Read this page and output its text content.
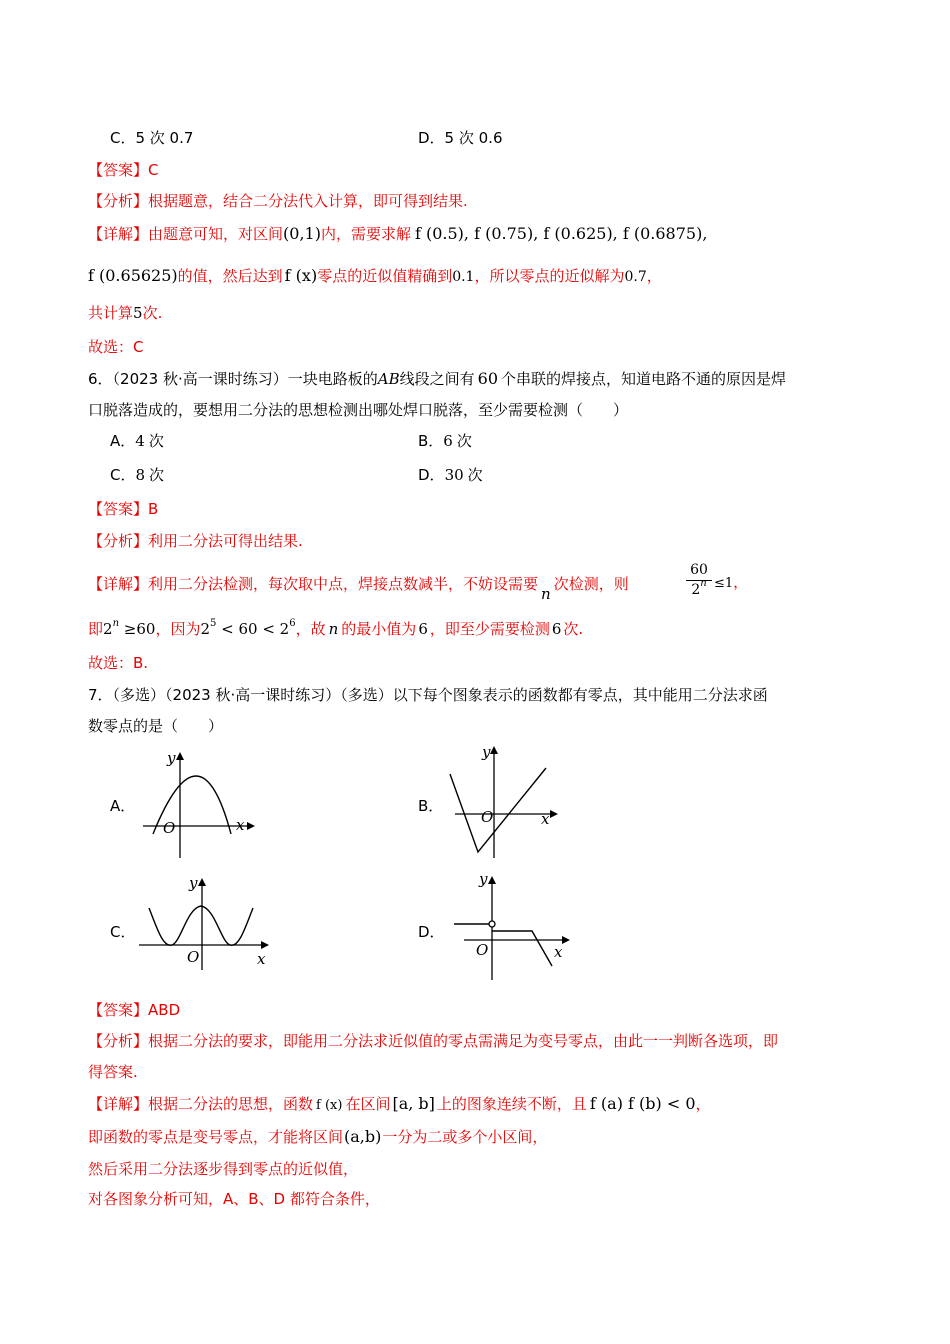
C．5 次 0.7	D．5 次 0.6
【答案】C
【分析】根据题意，结合二分法代入计算，即可得到结果.
【详解】由题意可知，对区间(0,1)内，需要求解 f (0.5), f (0.75), f (0.625), f (0.6875),
f (0.65625)的值，然后达到 f (x)零点的近似值精确到0.1，所以零点的近似解为0.7，
共计算5次.
故选：C
6．（2023 秋·高一课时练习）一块电路板的AB线段之间有 60 个串联的焊接点，知道电路不通的原因是焊
口脱落造成的，要想用二分法的思想检测出哪处焊口脱落，至少需要检测（　　）
A．4 次	B．6 次
C．8 次	D．30 次
【答案】B
【分析】利用二分法可得出结果.
【详解】利用二分法检测，每次取中点，焊接点数减半，不妨设需要n次检测，则	$\frac{60}{2^n} \le 1$，
即$2^n \ge 60$，因为$2^5 < 60 < 2^6$，故 n 的最小值为 6 ，即至少需要检测 6 次.
故选：B.
7．（多选）（2023 秋·高一课时练习）（多选）以下每个图象表示的函数都有零点，其中能用二分法求函
数零点的是（　　）
A．
O	x
y
B．
O	x
y
C．
O	x
y
D．
O	x
y
【答案】ABD
【分析】根据二分法的要求，即能用二分法求近似值的零点需满足为变号零点，由此一一判断各选项，即
得答案.
【详解】根据二分法的思想，函数 f (x) 在区间 [a, b] 上的图象连续不断，且 f (a) f (b) < 0，
即函数的零点是变号零点，才能将区间(a,b)一分为二或多个小区间，
然后采用二分法逐步得到零点的近似值，
对各图象分析可知，A、B、D 都符合条件，
